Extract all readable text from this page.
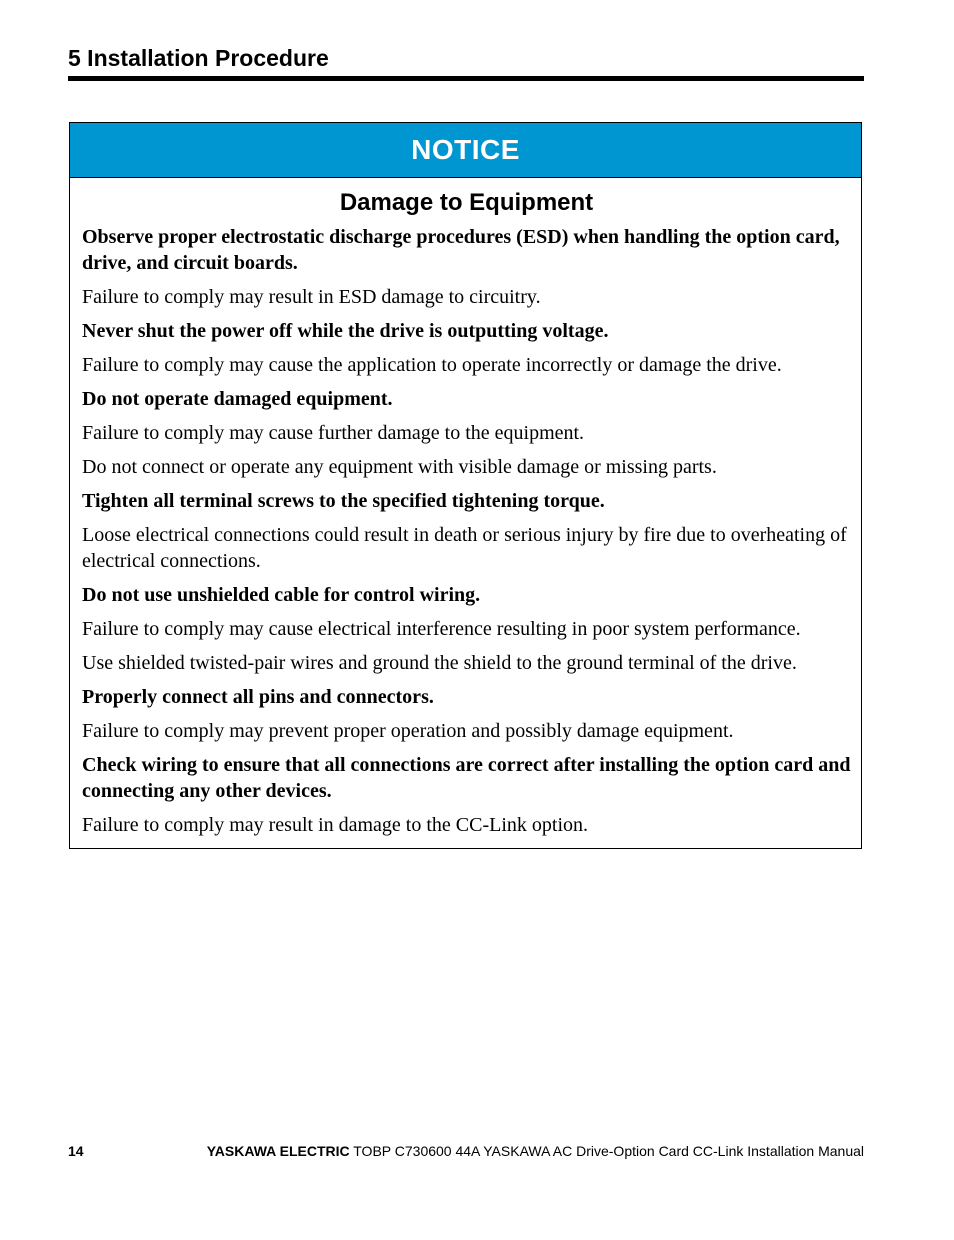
5 Installation Procedure
NOTICE
Damage to Equipment

Observe proper electrostatic discharge procedures (ESD) when handling the option card, drive, and circuit boards.

Failure to comply may result in ESD damage to circuitry.

Never shut the power off while the drive is outputting voltage.

Failure to comply may cause the application to operate incorrectly or damage the drive.

Do not operate damaged equipment.

Failure to comply may cause further damage to the equipment.

Do not connect or operate any equipment with visible damage or missing parts.

Tighten all terminal screws to the specified tightening torque.

Loose electrical connections could result in death or serious injury by fire due to overheating of electrical connections.

Do not use unshielded cable for control wiring.

Failure to comply may cause electrical interference resulting in poor system performance.

Use shielded twisted-pair wires and ground the shield to the ground terminal of the drive.

Properly connect all pins and connectors.

Failure to comply may prevent proper operation and possibly damage equipment.

Check wiring to ensure that all connections are correct after installing the option card and connecting any other devices.

Failure to comply may result in damage to the CC-Link option.

14	YASKAWA ELECTRIC TOBP C730600 44A YASKAWA AC Drive-Option Card CC-Link Installation Manual
